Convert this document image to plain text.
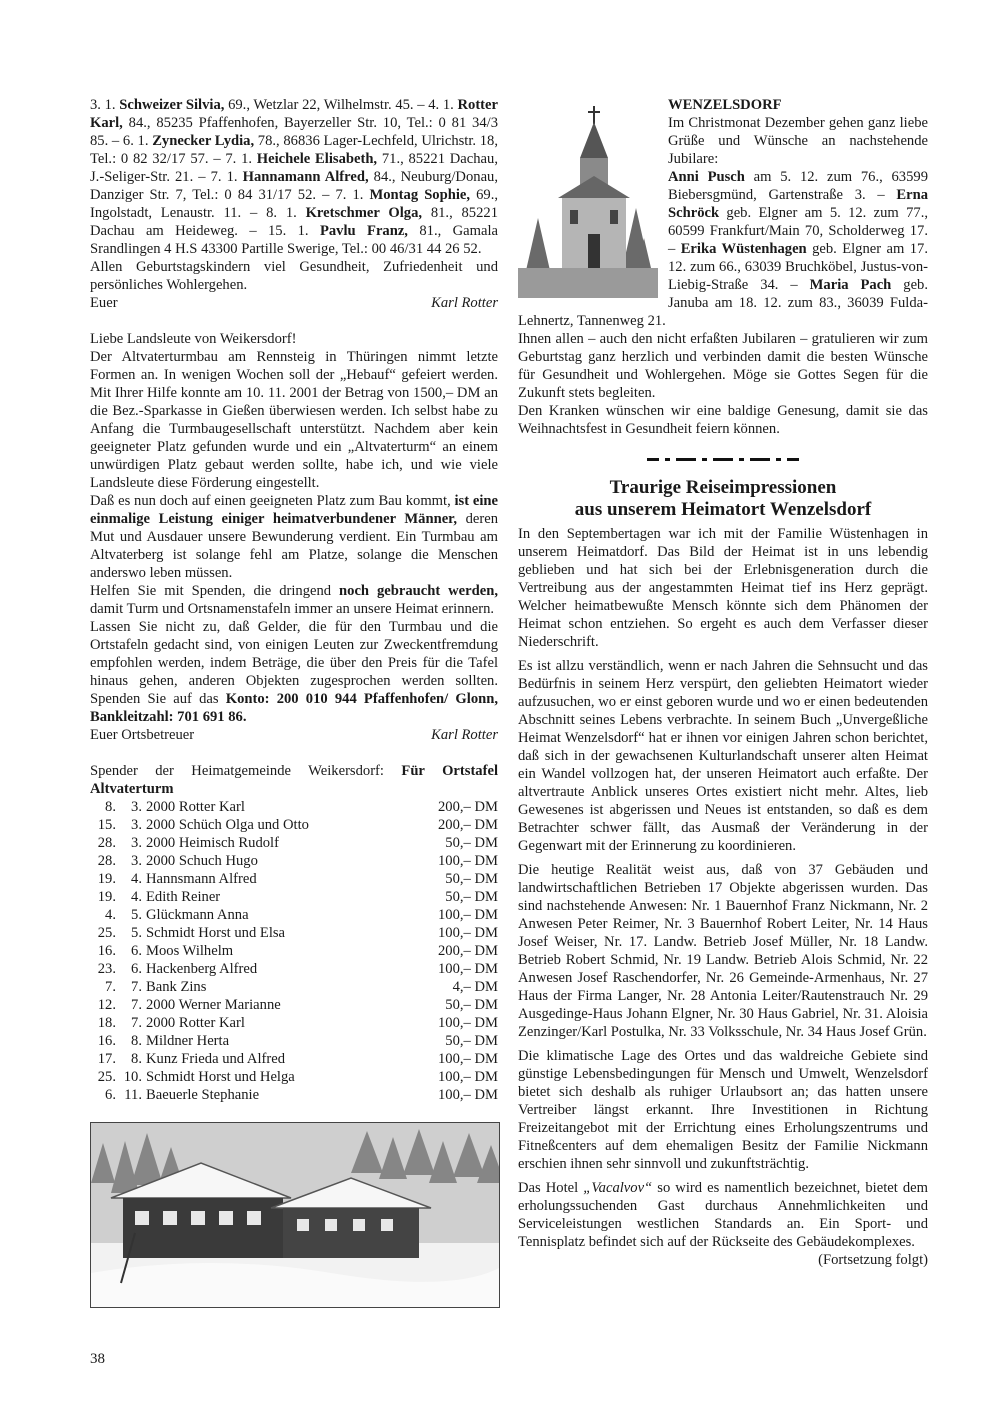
3. 1. Schweizer Silvia, 69., Wetzlar 22, Wilhelmstr. 45. – 4. 1. Rotter Karl, 84., 85235 Pfaffenhofen, Bayerzeller Str. 10, Tel.: 0 81 34/3 85. – 6. 1. Zynecker Lydia, 78., 86836 Lager-Lechfeld, Ulrichstr. 18, Tel.: 0 82 32/17 57. – 7. 1. Heichele Elisabeth, 71., 85221 Dachau, J.-Seliger-Str. 21. – 7. 1. Hannamann Alfred, 84., Neuburg/Donau, Danziger Str. 7, Tel.: 0 84 31/17 52. – 7. 1. Montag Sophie, 69., Ingolstadt, Lenaustr. 11. – 8. 1. Kretschmer Olga, 81., 85221 Dachau am Heideweg. – 15. 1. Pavlu Franz, 81., Gamala Srandlingen 4 H.S 43300 Partille Swerige, Tel.: 00 46/31 44 26 52.

Allen Geburtstagskindern viel Gesundheit, Zufriedenheit und persönliches Wohlergehen.

Euer	Karl Rotter

Liebe Landsleute von Weikersdorf!

Der Altvaterturmbau am Rennsteig in Thüringen nimmt letzte Formen an. In wenigen Wochen soll der „Hebauf“ gefeiert werden. Mit Ihrer Hilfe konnte am 10. 11. 2001 der Betrag von 1500,– DM an die Bez.-Sparkasse in Gießen überwiesen werden. Ich selbst habe zu Anfang die Turmbaugesellschaft unterstützt. Nachdem aber kein geeigneter Platz gefunden wurde und ein „Altvaterturm“ an einem unwürdigen Platz gebaut werden sollte, habe ich, und wie viele Landsleute diese Förderung eingestellt.

Daß es nun doch auf einen geeigneten Platz zum Bau kommt, ist eine einmalige Leistung einiger heimatverbundener Männer, deren Mut und Ausdauer unsere Bewunderung verdient. Ein Turmbau am Altvaterberg ist solange fehl am Platze, solange die Menschen anderswo leben müssen.

Helfen Sie mit Spenden, die dringend noch gebraucht werden, damit Turm und Ortsnamenstafeln immer an unsere Heimat erinnern.

Lassen Sie nicht zu, daß Gelder, die für den Turmbau und die Ortstafeln gedacht sind, von einigen Leuten zur Zweckentfremdung empfohlen werden, indem Beträge, die über den Preis für die Tafel hinaus gehen, anderen Objekten zugesprochen werden sollten. Spenden Sie auf das Konto: 200 010 944 Pfaffenhofen/ Glonn, Bankleitzahl: 701 691 86.

Euer Ortsbetreuer	Karl Rotter

Spender der Heimatgemeinde Weikersdorf: Für Ortstafel Altvaterturm

8.	3.	2000 Rotter Karl	200,– DM
15.	3.	2000 Schüch Olga und Otto	200,– DM
28.	3.	2000 Heimisch Rudolf	50,– DM
28.	3.	2000 Schuch Hugo	100,– DM
19.	4.	Hannsmann Alfred	50,– DM
19.	4.	Edith Reiner	50,– DM
4.	5.	Glückmann Anna	100,– DM
25.	5.	Schmidt Horst und Elsa	100,– DM
16.	6.	Moos Wilhelm	200,– DM
23.	6.	Hackenberg Alfred	100,– DM
7.	7.	Bank Zins	4,– DM
12.	7.	2000 Werner Marianne	50,– DM
18.	7.	2000 Rotter Karl	100,– DM
16.	8.	Mildner Herta	50,– DM
17.	8.	Kunz Frieda und Alfred	100,– DM
25.	10.	Schmidt Horst und Helga	100,– DM
6.	11.	Baeuerle Stephanie	100,– DM

WENZELSDORF

Im Christmonat Dezember gehen ganz liebe Grüße und Wünsche an nachstehende Jubilare:

Anni Pusch am 5. 12. zum 76., 63599 Biebersgmünd, Gartenstraße 3. – Erna Schröck geb. Elgner am 5. 12. zum 77., 60599 Frankfurt/Main 70, Scholderweg 17. – Erika Wüstenhagen geb. Elgner am 17. 12. zum 66., 63039 Bruchköbel, Justus-von-Liebig-Straße 34. – Maria Pach geb. Januba am 18. 12. zum 83., 36039 Fulda-Lehnertz, Tannenweg 21.

Ihnen allen – auch den nicht erfaßten Jubilaren – gratulieren wir zum Geburtstag ganz herzlich und verbinden damit die besten Wünsche für Gesundheit und Wohlergehen. Möge sie Gottes Segen für die Zukunft stets begleiten.

Den Kranken wünschen wir eine baldige Genesung, damit sie das Weihnachtsfest in Gesundheit feiern können.

Traurige Reiseimpressionen
aus unserem Heimatort Wenzelsdorf

In den Septembertagen war ich mit der Familie Wüstenhagen in unserem Heimatdorf. Das Bild der Heimat ist in uns lebendig geblieben und hat sich bei der Erlebnisgeneration durch die Vertreibung aus der angestammten Heimat tief ins Herz geprägt. Welcher heimatbewußte Mensch könnte sich dem Phänomen der Heimat schon entziehen. So ergeht es auch dem Verfasser dieser Niederschrift.

Es ist allzu verständlich, wenn er nach Jahren die Sehnsucht und das Bedürfnis in seinem Herz verspürt, den geliebten Heimatort wieder aufzusuchen, wo er einst geboren wurde und wo er einen bedeutenden Abschnitt seines Lebens verbrachte. In seinem Buch „Unvergeßliche Heimat Wenzelsdorf“ hat er ihnen vor einigen Jahren schon berichtet, daß sich in der gewachsenen Kulturlandschaft unserer alten Heimat ein Wandel vollzogen hat, der unseren Heimatort auch erfaßte. Der altvertraute Anblick unseres Ortes existiert nicht mehr. Altes, lieb Gewesenes ist abgerissen und Neues ist entstanden, so daß es dem Betrachter schwer fällt, das Ausmaß der Veränderung in der Gegenwart mit der Erinnerung zu koordinieren.

Die heutige Realität weist aus, daß von 37 Gebäuden und landwirtschaftlichen Betrieben 17 Objekte abgerissen wurden. Das sind nachstehende Anwesen: Nr. 1 Bauernhof Franz Nickmann, Nr. 2 Anwesen Peter Reimer, Nr. 3 Bauernhof Robert Leiter, Nr. 14 Haus Josef Weiser, Nr. 17. Landw. Betrieb Josef Müller, Nr. 18 Landw. Betrieb Robert Schmid, Nr. 19 Landw. Betrieb Alois Schmid, Nr. 22 Anwesen Josef Raschendorfer, Nr. 26 Gemeinde-Armenhaus, Nr. 27 Haus der Firma Langer, Nr. 28 Antonia Leiter/Rautenstrauch Nr. 29 Ausgedinge-Haus Johann Elgner, Nr. 30 Haus Gabriel, Nr. 31. Aloisia Zenzinger/Karl Postulka, Nr. 33 Volksschule, Nr. 34 Haus Josef Grün.

Die klimatische Lage des Ortes und das waldreiche Gebiete sind günstige Lebensbedingungen für Mensch und Umwelt, Wenzelsdorf bietet sich deshalb als ruhiger Urlaubsort an; das hatten unsere Vertreiber längst erkannt. Ihre Investitionen in Richtung Freizeitangebot mit der Errichtung eines Erholungszentrums und Fitneßcenters auf dem ehemaligen Besitz der Familie Nickmann erschien ihnen sehr sinnvoll und zukunftsträchtig.

Das Hotel „Vacalvov“ so wird es namentlich bezeichnet, bietet dem erholungssuchenden Gast durchaus Annehmlichkeiten und Serviceleistungen westlichen Standards an. Ein Sport- und Tennisplatz befindet sich auf der Rückseite des Gebäudekomplexes.

(Fortsetzung folgt)

38
